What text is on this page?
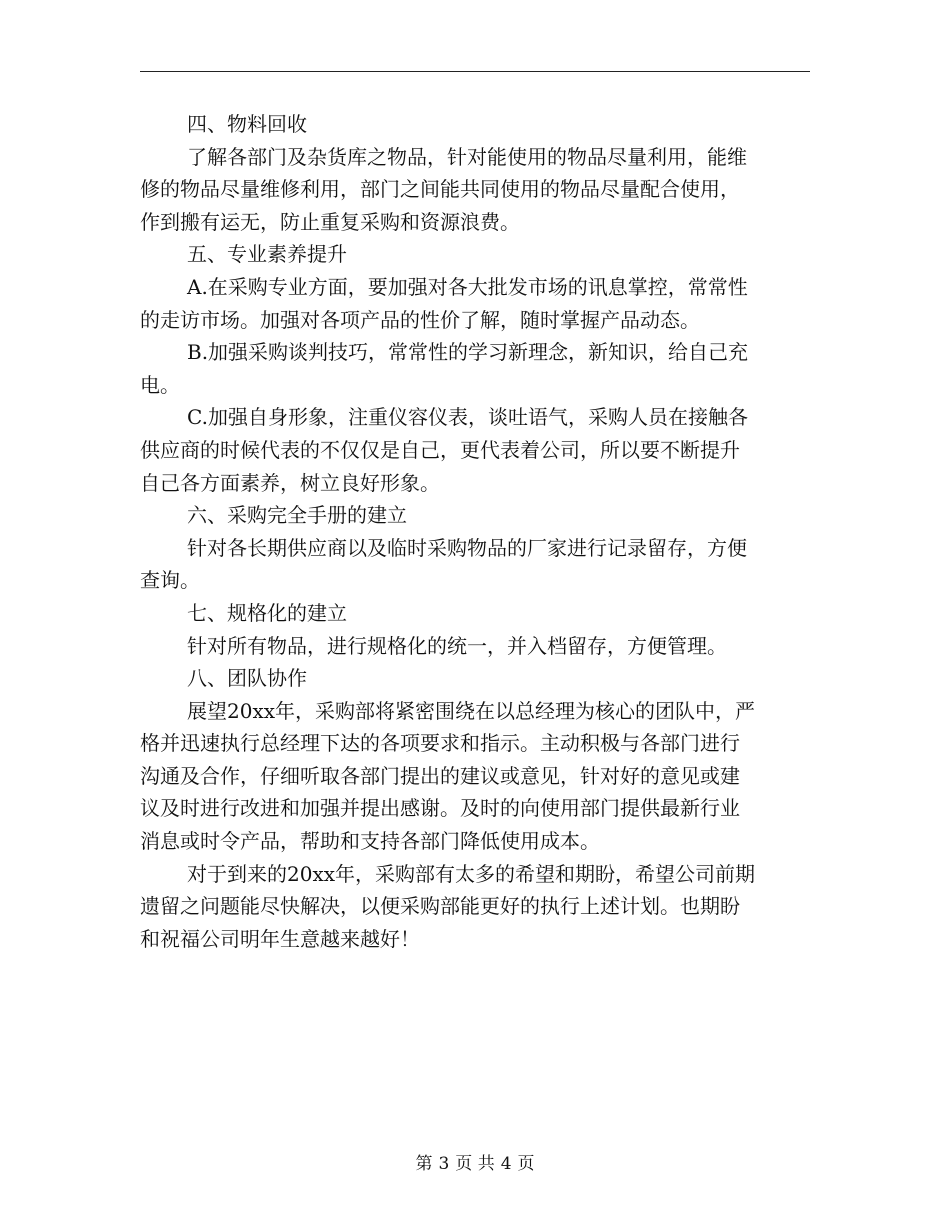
四、物料回收
了解各部门及杂货库之物品，针对能使用的物品尽量利用，能维
修的物品尽量维修利用，部门之间能共同使用的物品尽量配合使用，
作到搬有运无，防止重复采购和资源浪费。
五、专业素养提升
A.在采购专业方面，要加强对各大批发市场的讯息掌控，常常性
的走访市场。加强对各项产品的性价了解，随时掌握产品动态。
B.加强采购谈判技巧，常常性的学习新理念，新知识，给自己充
电。
C.加强自身形象，注重仪容仪表，谈吐语气，采购人员在接触各
供应商的时候代表的不仅仅是自己，更代表着公司，所以要不断提升
自己各方面素养，树立良好形象。
六、采购完全手册的建立
针对各长期供应商以及临时采购物品的厂家进行记录留存，方便
查询。
七、规格化的建立
针对所有物品，进行规格化的统一，并入档留存，方便管理。
八、团队协作
展望20xx年，采购部将紧密围绕在以总经理为核心的团队中，严
格并迅速执行总经理下达的各项要求和指示。主动积极与各部门进行
沟通及合作，仔细听取各部门提出的建议或意见，针对好的意见或建
议及时进行改进和加强并提出感谢。及时的向使用部门提供最新行业
消息或时令产品，帮助和支持各部门降低使用成本。
对于到来的20xx年，采购部有太多的希望和期盼，希望公司前期
遗留之问题能尽快解决，以便采购部能更好的执行上述计划。也期盼
和祝福公司明年生意越来越好！
第 3 页 共 4 页
